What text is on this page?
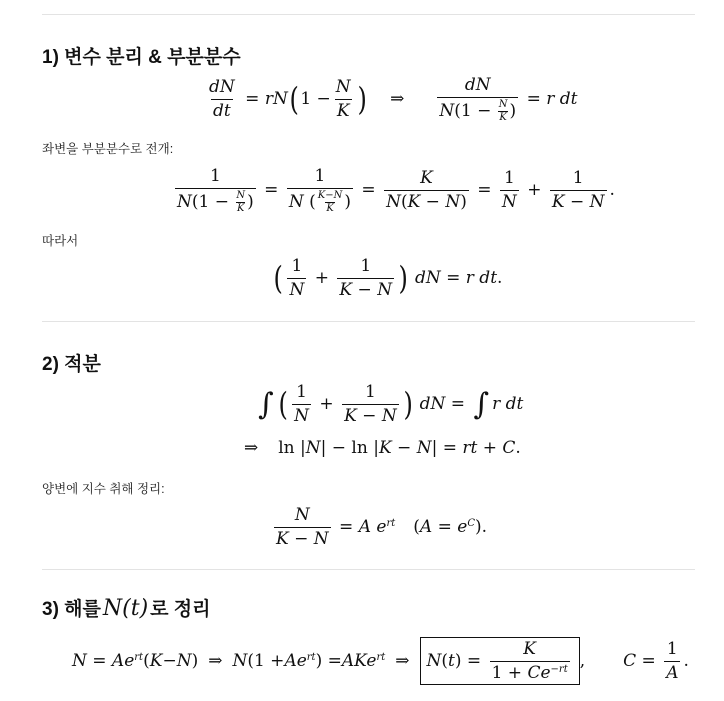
1) 변수 분리 & 부분분수
$\frac{dN}{dt}$ = rN ( $1 - \frac{N}{K}$ ) ⇒ $\frac{dN}{N(1 - \frac{N}{K} )} = r$ dt
좌변을 부분분수로 전개:
$\frac{1}{N(1 - \frac{N}{K} )} = \frac{1}{N ( \frac{K-N}{K} )} = \frac{K}{N(K - N)} = \frac{1}{N} + \frac{1}{K - N}$ .
따라서
( $\frac{1}{N} + \frac{1}{K - N}$ ) dN = r dt.
2) 적분
∫ ( $\frac{1}{N} + \frac{1}{K - N}$ ) dN = ∫ r dt
⇒ ln |N| − ln |K − N| = rt + C.
양변에 지수 취해 정리:
$\frac{N}{K - N} = A$ $e^{rt}$ $(A = e^C)$.
3) 해를 N(t) 로 정리
$N = Ae^{rt}$ ( K − N ) ⇒ N ($1 + Ae^{rt}$ ) = AKe$^{rt}$ ⇒ N ( t ) = $\frac{K}{1 + Ce^{-rt}}$ , $C = \frac{1}{A}$ .
